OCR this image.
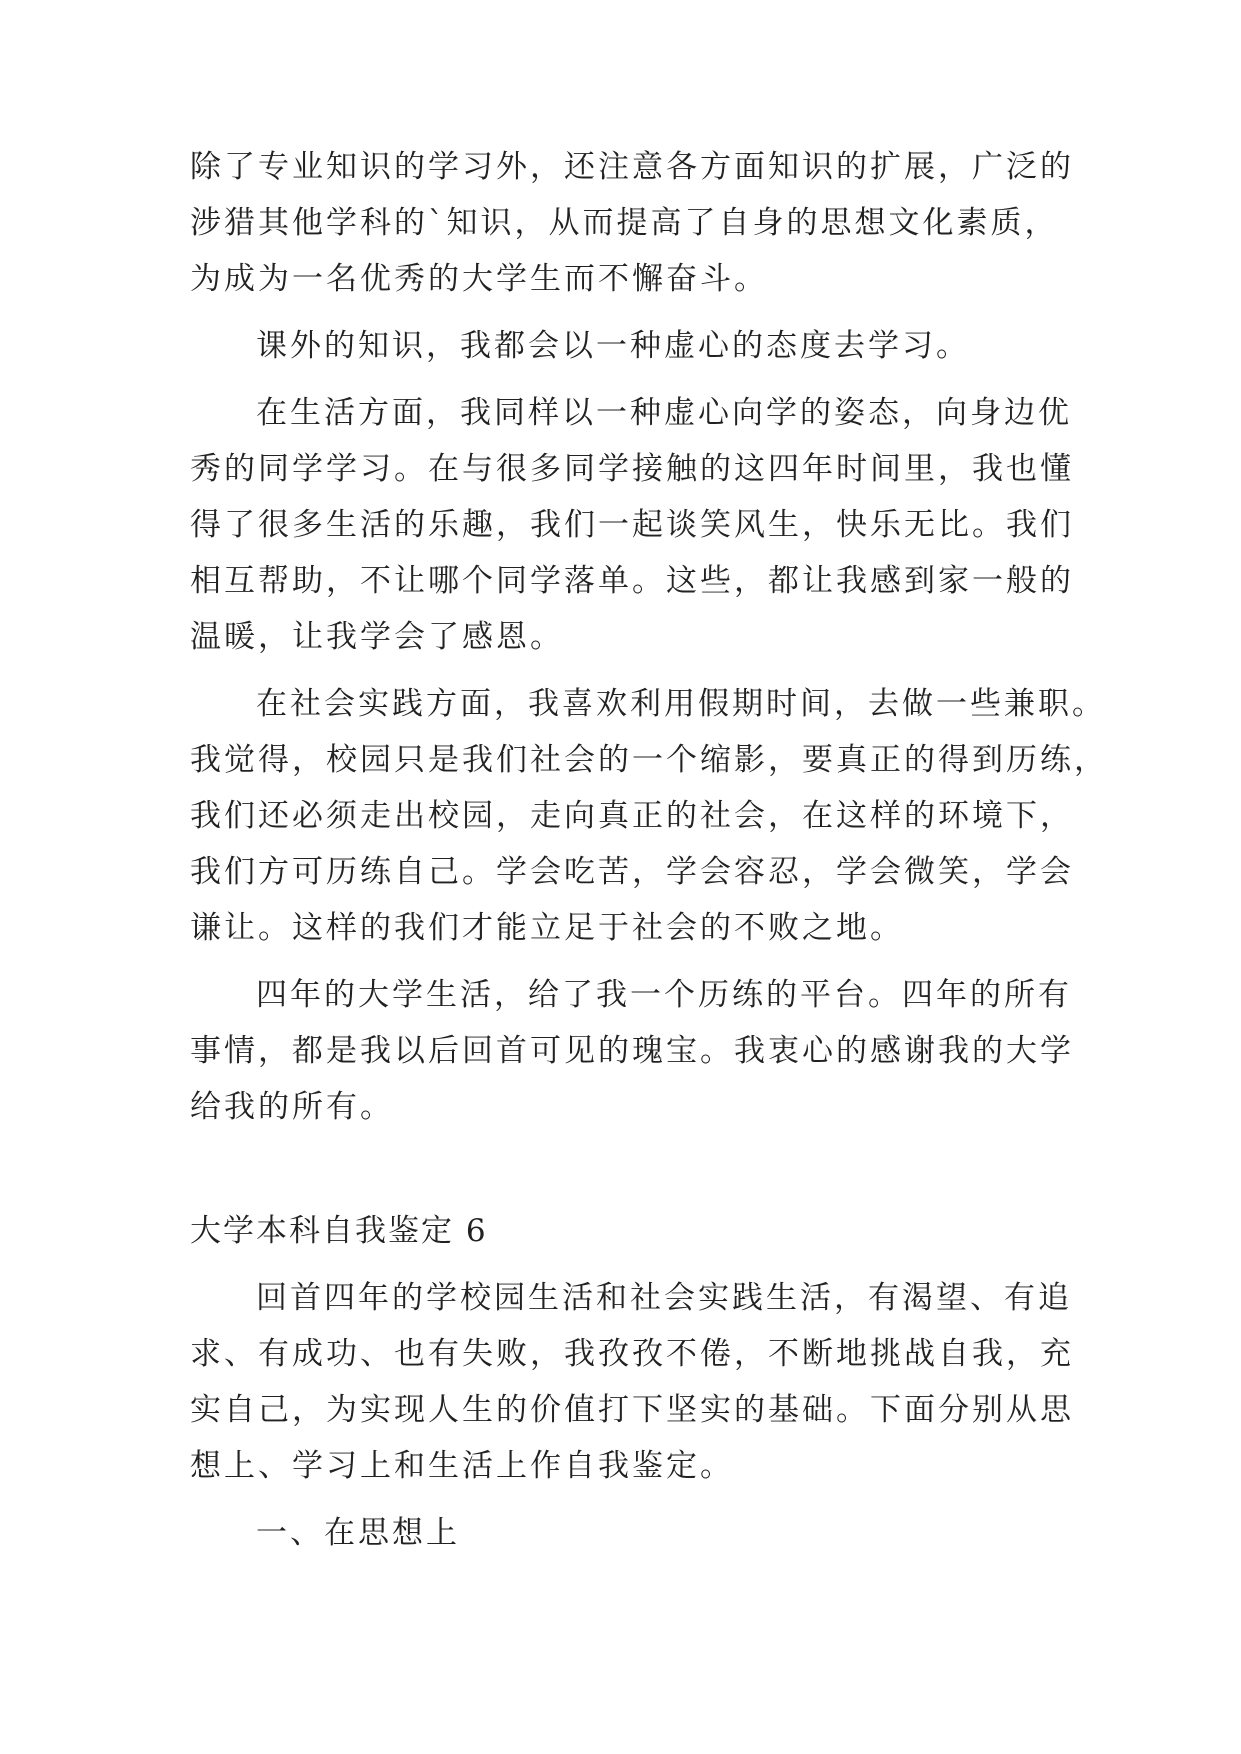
除了专业知识的学习外，还注意各方面知识的扩展，广泛的
涉猎其他学科的`知识，从而提高了自身的思想文化素质，
为成为一名优秀的大学生而不懈奋斗。
课外的知识，我都会以一种虚心的态度去学习。
在生活方面，我同样以一种虚心向学的姿态，向身边优
秀的同学学习。在与很多同学接触的这四年时间里，我也懂
得了很多生活的乐趣，我们一起谈笑风生，快乐无比。我们
相互帮助，不让哪个同学落单。这些，都让我感到家一般的
温暖，让我学会了感恩。
在社会实践方面，我喜欢利用假期时间，去做一些兼职。
我觉得，校园只是我们社会的一个缩影，要真正的得到历练，
我们还必须走出校园，走向真正的社会，在这样的环境下，
我们方可历练自己。学会吃苦，学会容忍，学会微笑，学会
谦让。这样的我们才能立足于社会的不败之地。
四年的大学生活，给了我一个历练的平台。四年的所有
事情，都是我以后回首可见的瑰宝。我衷心的感谢我的大学
给我的所有。
大学本科自我鉴定 6
回首四年的学校园生活和社会实践生活，有渴望、有追
求、有成功、也有失败，我孜孜不倦，不断地挑战自我，充
实自己，为实现人生的价值打下坚实的基础。下面分别从思
想上、学习上和生活上作自我鉴定。
一、在思想上
